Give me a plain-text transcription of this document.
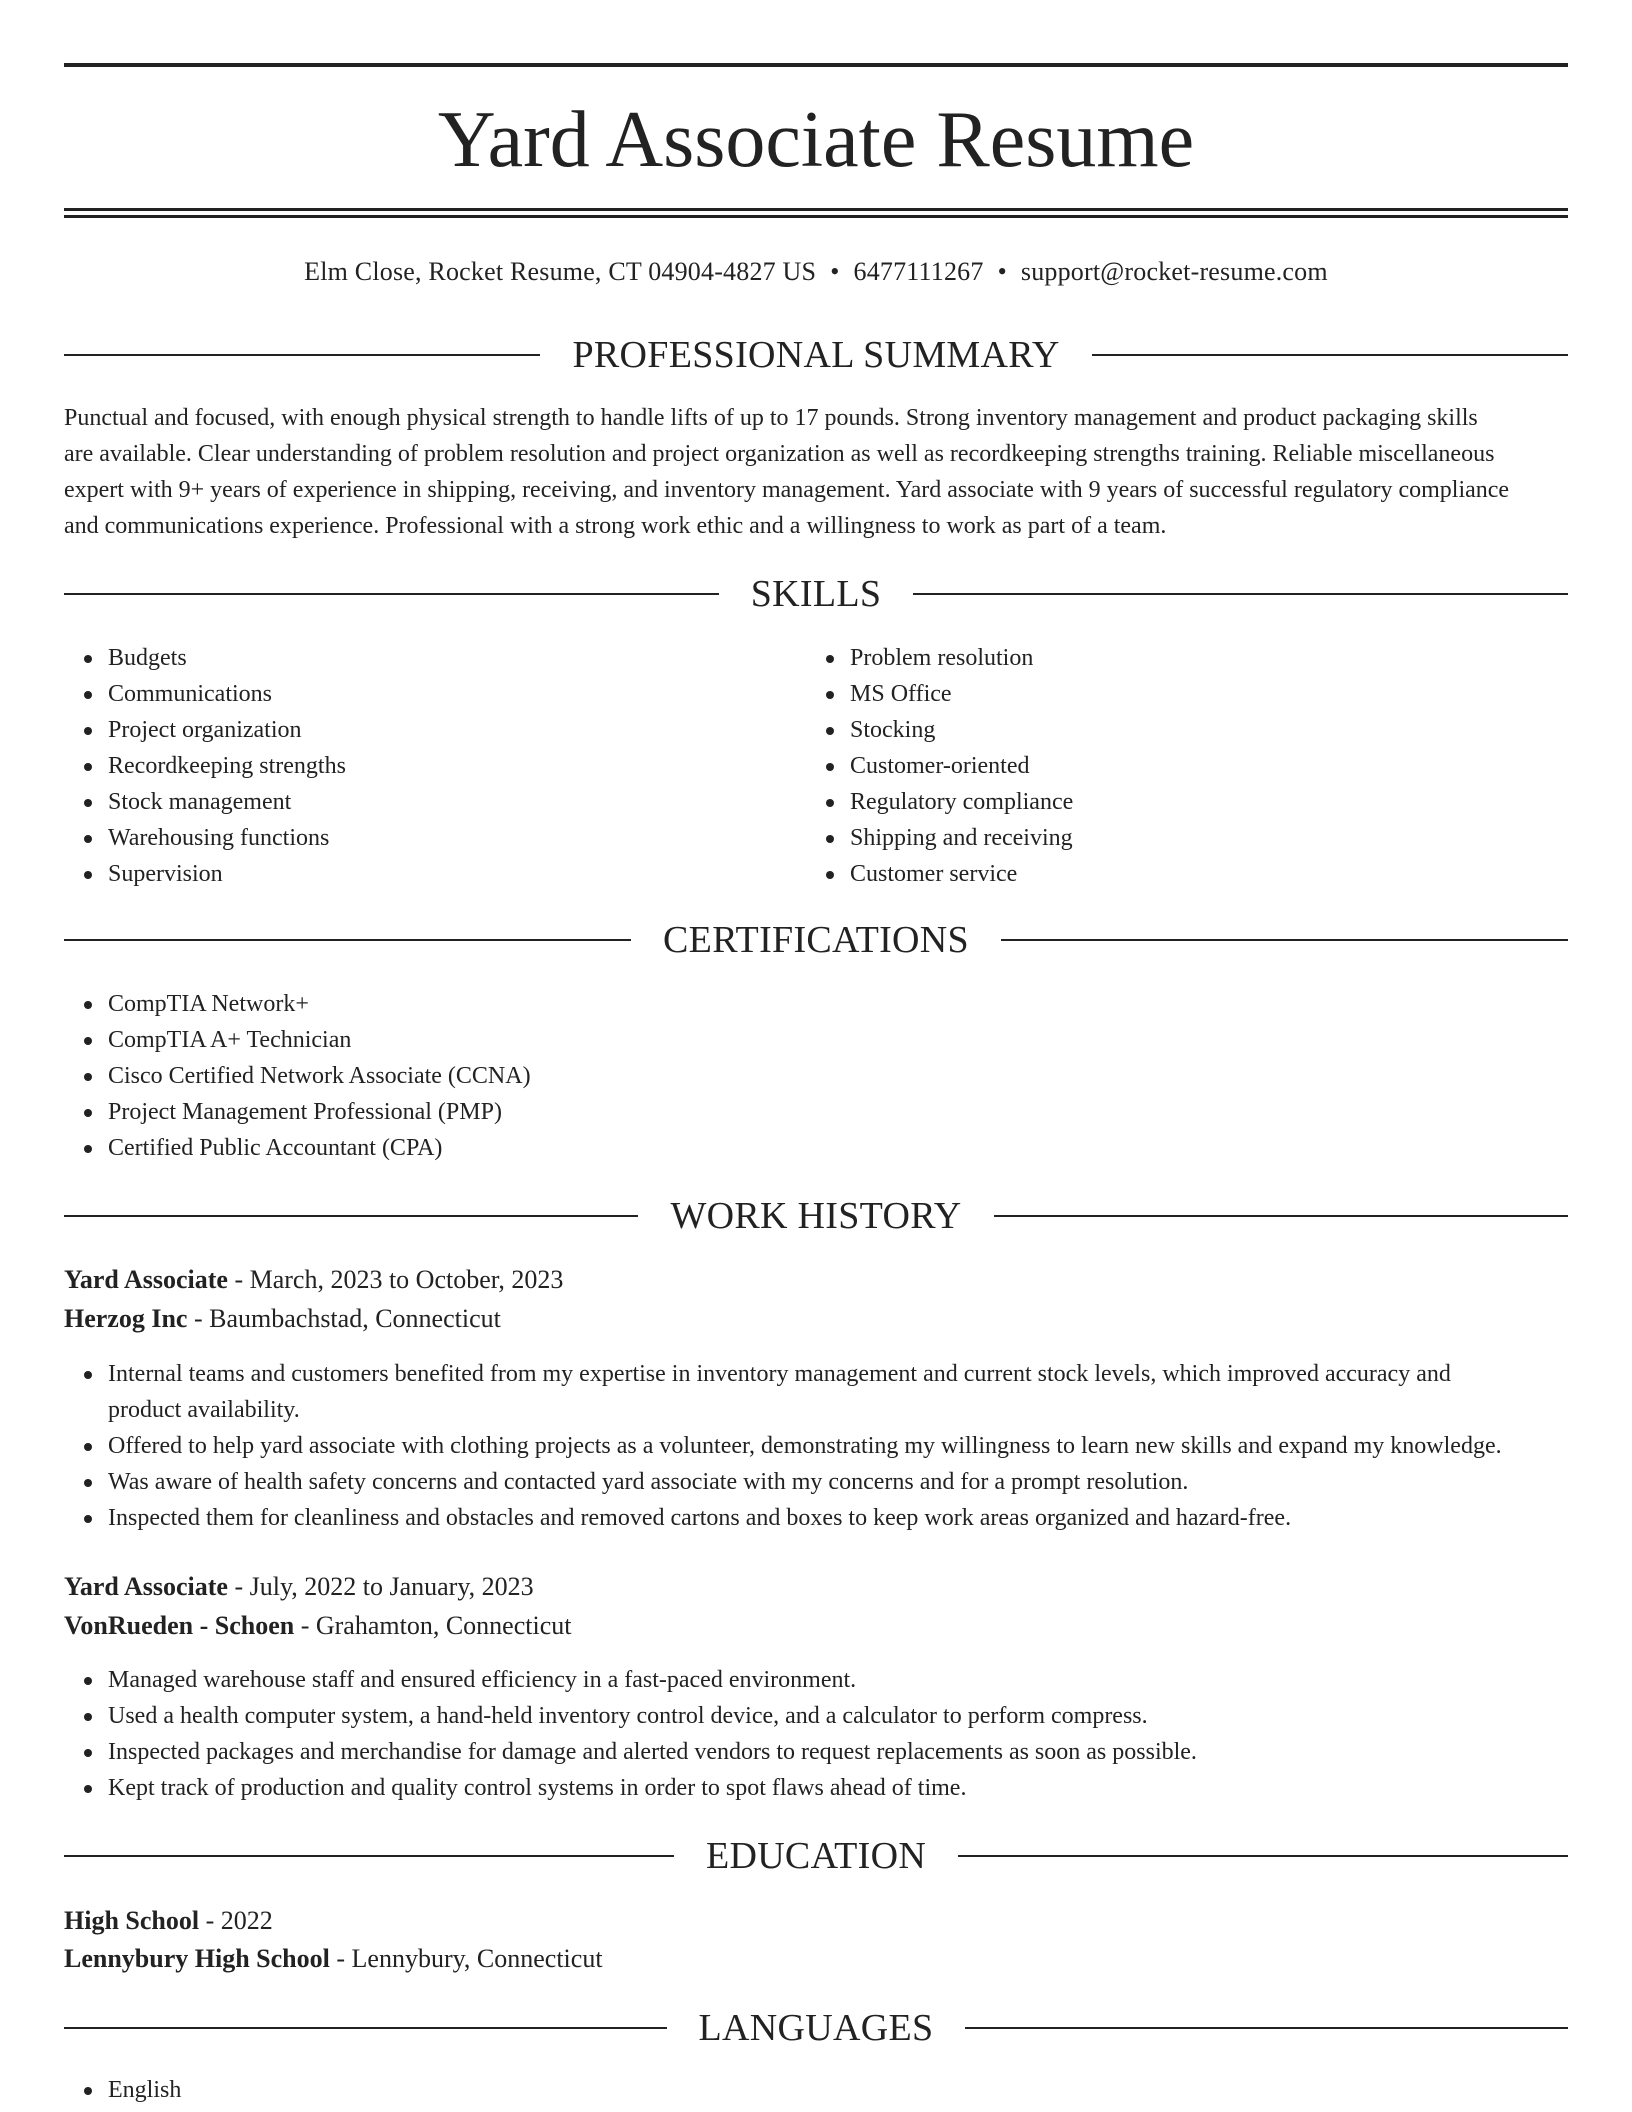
Yard Associate Resume
Elm Close, Rocket Resume, CT 04904-4827 US • 6477111267 • support@rocket-resume.com
PROFESSIONAL SUMMARY
Punctual and focused, with enough physical strength to handle lifts of up to 17 pounds. Strong inventory management and product packaging skills
are available. Clear understanding of problem resolution and project organization as well as recordkeeping strengths training. Reliable miscellaneous
expert with 9+ years of experience in shipping, receiving, and inventory management. Yard associate with 9 years of successful regulatory compliance
and communications experience. Professional with a strong work ethic and a willingness to work as part of a team.
SKILLS
Budgets
Communications
Project organization
Recordkeeping strengths
Stock management
Warehousing functions
Supervision
Problem resolution
MS Office
Stocking
Customer-oriented
Regulatory compliance
Shipping and receiving
Customer service
CERTIFICATIONS
CompTIA Network+
CompTIA A+ Technician
Cisco Certified Network Associate (CCNA)
Project Management Professional (PMP)
Certified Public Accountant (CPA)
WORK HISTORY
Yard Associate - March, 2023 to October, 2023
Herzog Inc - Baumbachstad, Connecticut
Internal teams and customers benefited from my expertise in inventory management and current stock levels, which improved accuracy and
product availability.
Offered to help yard associate with clothing projects as a volunteer, demonstrating my willingness to learn new skills and expand my knowledge.
Was aware of health safety concerns and contacted yard associate with my concerns and for a prompt resolution.
Inspected them for cleanliness and obstacles and removed cartons and boxes to keep work areas organized and hazard-free.
Yard Associate - July, 2022 to January, 2023
VonRueden - Schoen - Grahamton, Connecticut
Managed warehouse staff and ensured efficiency in a fast-paced environment.
Used a health computer system, a hand-held inventory control device, and a calculator to perform compress.
Inspected packages and merchandise for damage and alerted vendors to request replacements as soon as possible.
Kept track of production and quality control systems in order to spot flaws ahead of time.
EDUCATION
High School - 2022
Lennybury High School - Lennybury, Connecticut
LANGUAGES
English
